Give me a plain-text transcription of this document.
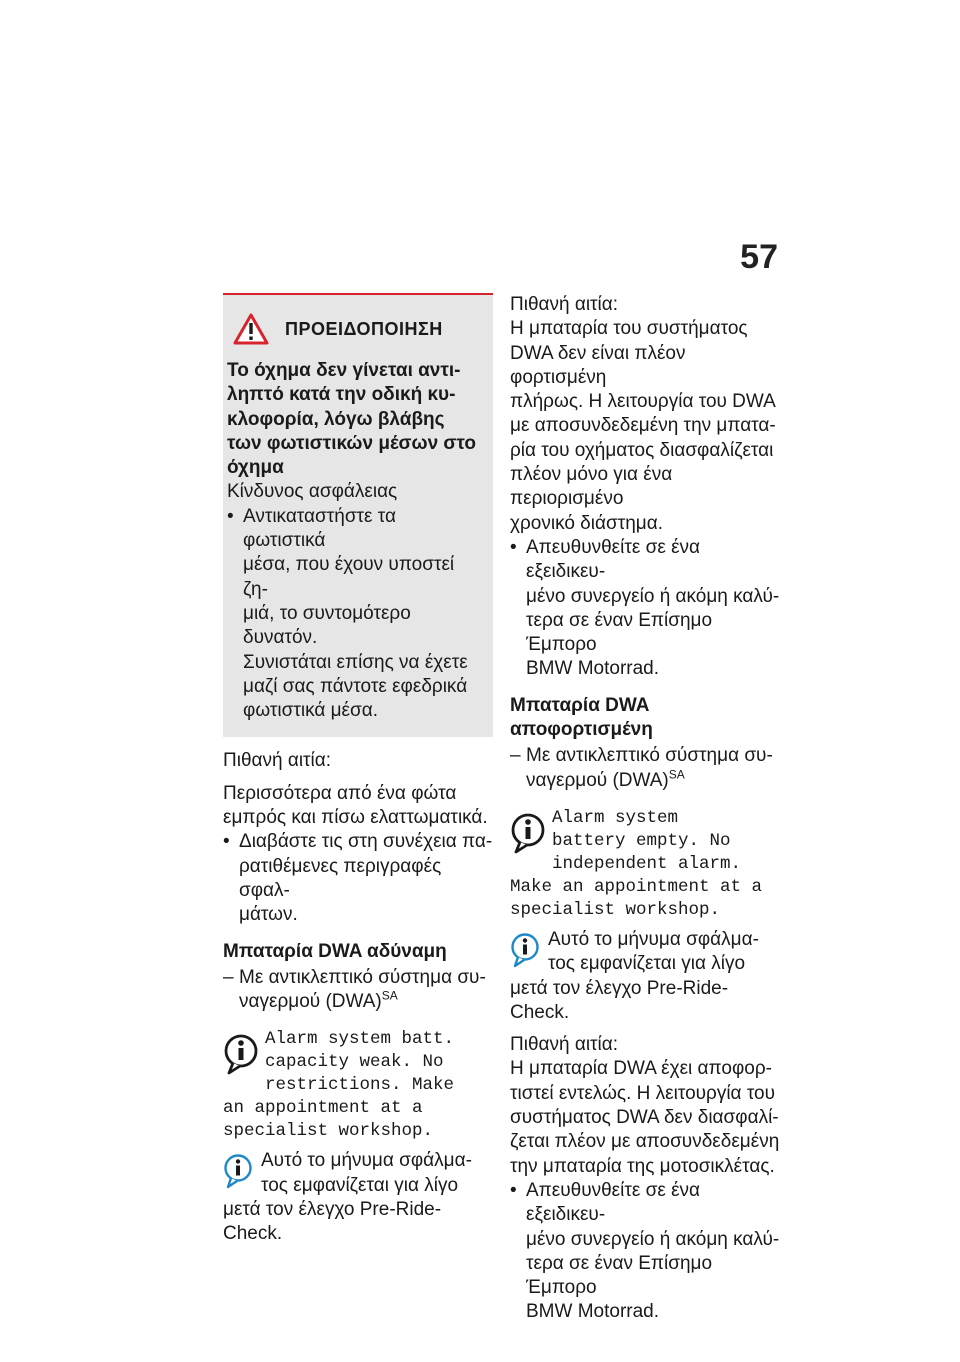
57
ΠΡΟΕΙΔΟΠΟΙΗΣΗ

Το όχημα δεν γίνεται αντι-
ληπτό κατά την οδική κυ-
κλοφορία, λόγω βλάβης
των φωτιστικών μέσων στο
όχημα

Κίνδυνος ασφάλειας

• Αντικαταστήστε τα φωτιστικά
μέσα, που έχουν υποστεί ζη-
μιά, το συντομότερο δυνατόν.
Συνιστάται επίσης να έχετε
μαζί σας πάντοτε εφεδρικά
φωτιστικά μέσα.

Πιθανή αιτία:

Περισσότερα από ένα φώτα
εμπρός και πίσω ελαττωματικά.

• Διαβάστε τις στη συνέχεια πα-
ρατιθέμενες περιγραφές σφαλ-
μάτων.
Μπαταρία DWA αδύναμη
– Με αντικλεπτικό σύστημα συ-
ναγερμού (DWA)$^{SA}$
Alarm system batt.
capacity weak. No
restrictions. Make
an appointment at a
specialist workshop.
Αυτό το μήνυμα σφάλμα-
τος εμφανίζεται για λίγο
μετά τον έλεγχο Pre-Ride-Check.

Πιθανή αιτία:

Η μπαταρία του συστήματος
DWA δεν είναι πλέον φορτισμένη
πλήρως. Η λειτουργία του DWA
με αποσυνδεδεμένη την μπατα-
ρία του οχήματος διασφαλίζεται
πλέον μόνο για ένα περιορισμένο
χρονικό διάστημα.

• Απευθυνθείτε σε ένα εξειδικευ-
μένο συνεργείο ή ακόμη καλύ-
τερα σε έναν Επίσημο Έμπορο
BMW Motorrad.
Μπαταρία DWA
αποφορτισμένη
– Με αντικλεπτικό σύστημα συ-
ναγερμού (DWA)$^{SA}$
Alarm system
battery empty. No
independent alarm.
Make an appointment at a
specialist workshop.
Αυτό το μήνυμα σφάλμα-
τος εμφανίζεται για λίγο
μετά τον έλεγχο Pre-Ride-Check.

Πιθανή αιτία:

Η μπαταρία DWA έχει αποφορ-
τιστεί εντελώς. Η λειτουργία του
συστήματος DWA δεν διασφαλί-
ζεται πλέον με αποσυνδεδεμένη
την μπαταρία της μοτοσικλέτας.

• Απευθυνθείτε σε ένα εξειδικευ-
μένο συνεργείο ή ακόμη καλύ-
τερα σε έναν Επίσημο Έμπορο
BMW Motorrad.
